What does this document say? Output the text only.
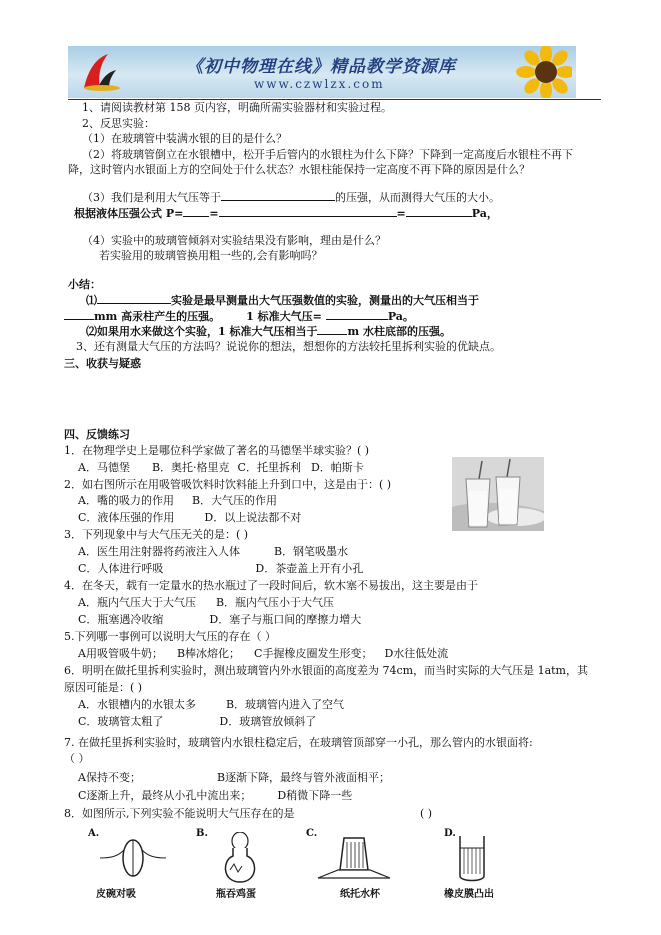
《初中物理在线》精品教学资源库
www.czwlzx.com
1、请阅读教材第 158 页内容，明确所需实验器材和实验过程。
2、反思实验：
（1）在玻璃管中装满水银的目的是什么？
（2）将玻璃管倒立在水银槽中，松开手后管内的水银柱为什么下降？下降到一定高度后水银柱不再下
降，这时管内水银面上方的空间处于什么状态？水银柱能保持一定高度不再下降的原因是什么？
（3）我们是利用大气压等于	的压强，从而测得大气压的大小。
根据液体压强公式 P= =	=	Pa，
（4）实验中的玻璃管倾斜对实验结果没有影响，理由是什么？
若实验用的玻璃管换用粗一些的,会有影响吗？
小结：
⑴	实验是最早测量出大气压强数值的实验，测量出的大气压相当于
mm 高汞柱产生的压强。 1 标准大气压=	Pa。
⑵如果用水来做这个实验，1 标准大气压相当于	m 水柱底部的压强。
3、还有测量大气压的方法吗？说说你的想法，想想你的方法较托里拆利实验的优缺点。
三、收获与疑惑
四、反馈练习
1．在物理学史上是哪位科学家做了著名的马德堡半球实验？( )
A．马德堡 B．奥托·格里克 C．托里拆利 D．帕斯卡
2．如右图所示在用吸管吸饮料时饮料能上升到口中，这是由于：( )
A．嘴的吸力的作用 B．大气压的作用
C．液体压强的作用	D．以上说法都不对
3．下列现象中与大气压无关的是：( )
A．医生用注射器将药液注入人体	B．钢笔吸墨水
C．人体进行呼吸	D．茶壶盖上开有小孔
4．在冬天，载有一定量水的热水瓶过了一段时间后，软木塞不易拔出，这主要是由于
A．瓶内气压大于大气压 B．瓶内气压小于大气压
C．瓶塞遇冷收缩	D．塞子与瓶口间的摩擦力增大
5.下列哪一事例可以说明大气压的存在（ ）
A用吸管吸牛奶； B棒冰熔化； C手握橡皮圈发生形变； D水往低处流
6．明明在做托里拆利实验时，测出玻璃管内外水银面的高度差为 74cm，而当时实际的大气压是 1atm，其
原因可能是：( )
A．水银槽内的水银太多	B．玻璃管内进入了空气
C．玻璃管太粗了	D．玻璃管放倾斜了
7. 在做托里拆利实验时，玻璃管内水银柱稳定后，在玻璃管顶部穿一小孔，那么管内的水银面将:
（ ）
A保持不变；	B逐渐下降，最终与管外液面相平；
C逐渐上升，最终从小孔中流出来； D稍微下降一些
8．如图所示,下列实验不能说明大气压存在的是	( )
A.
皮碗对吸
B.
瓶吞鸡蛋
C.
纸托水杯
D.
橡皮膜凸出
